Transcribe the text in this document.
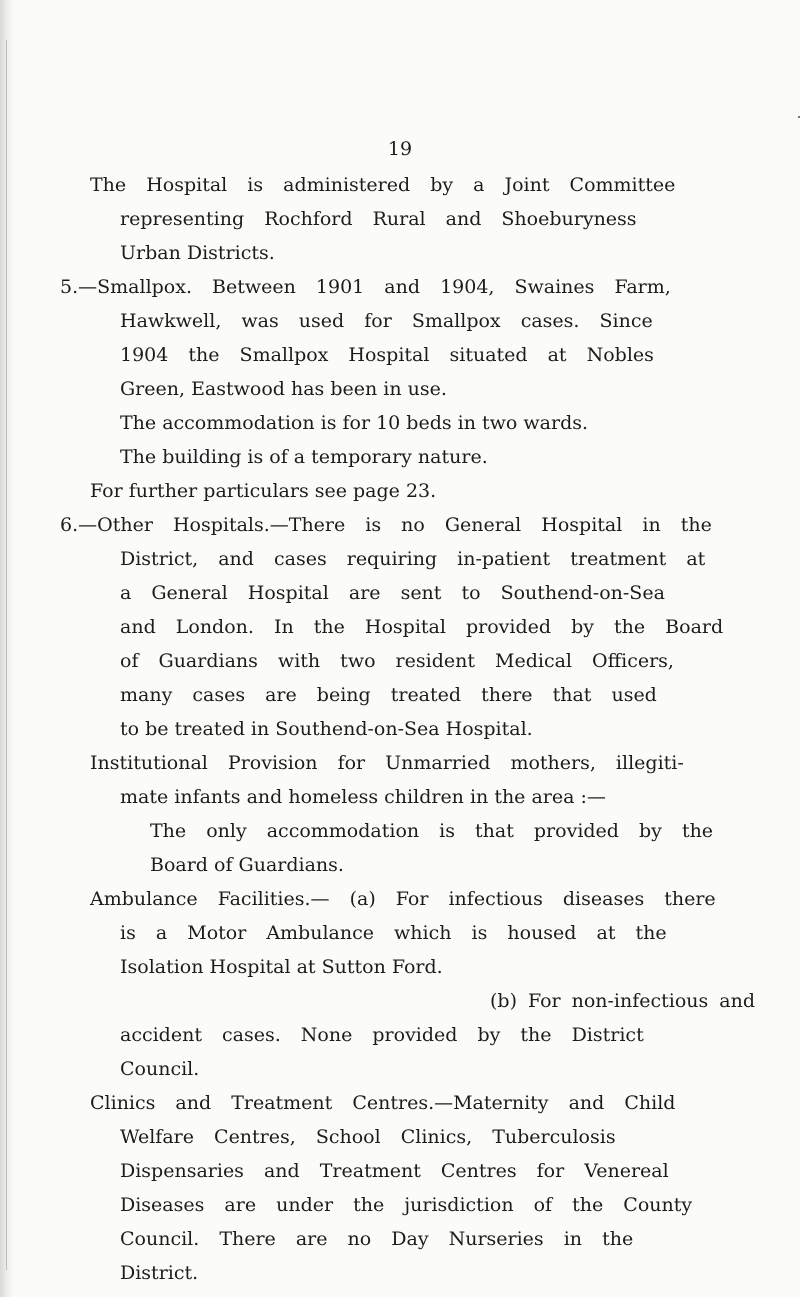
19
The Hospital is administered by a Joint Committee
representing Rochford Rural and Shoeburyness
Urban Districts.
5.—Smallpox. Between 1901 and 1904, Swaines Farm,
Hawkwell, was used for Smallpox cases. Since
1904 the Smallpox Hospital situated at Nobles
Green, Eastwood has been in use.
The accommodation is for 10 beds in two wards.
The building is of a temporary nature.
For further particulars see page 23.
6.—Other Hospitals.—There is no General Hospital in the
District, and cases requiring in-patient treatment at
a General Hospital are sent to Southend-on-Sea
and London. In the Hospital provided by the Board
of Guardians with two resident Medical Officers,
many cases are being treated there that used
to be treated in Southend-on-Sea Hospital.
Institutional Provision for Unmarried mothers, illegiti-
mate infants and homeless children in the area :—
The only accommodation is that provided by the
Board of Guardians.
Ambulance Facilities.— (a) For infectious diseases there
is a Motor Ambulance which is housed at the
Isolation Hospital at Sutton Ford.
(b) For non-infectious and
accident cases. None provided by the District
Council.
Clinics and Treatment Centres.—Maternity and Child
Welfare Centres, School Clinics, Tuberculosis
Dispensaries and Treatment Centres for Venereal
Diseases are under the jurisdiction of the County
Council. There are no Day Nurseries in the
District.
